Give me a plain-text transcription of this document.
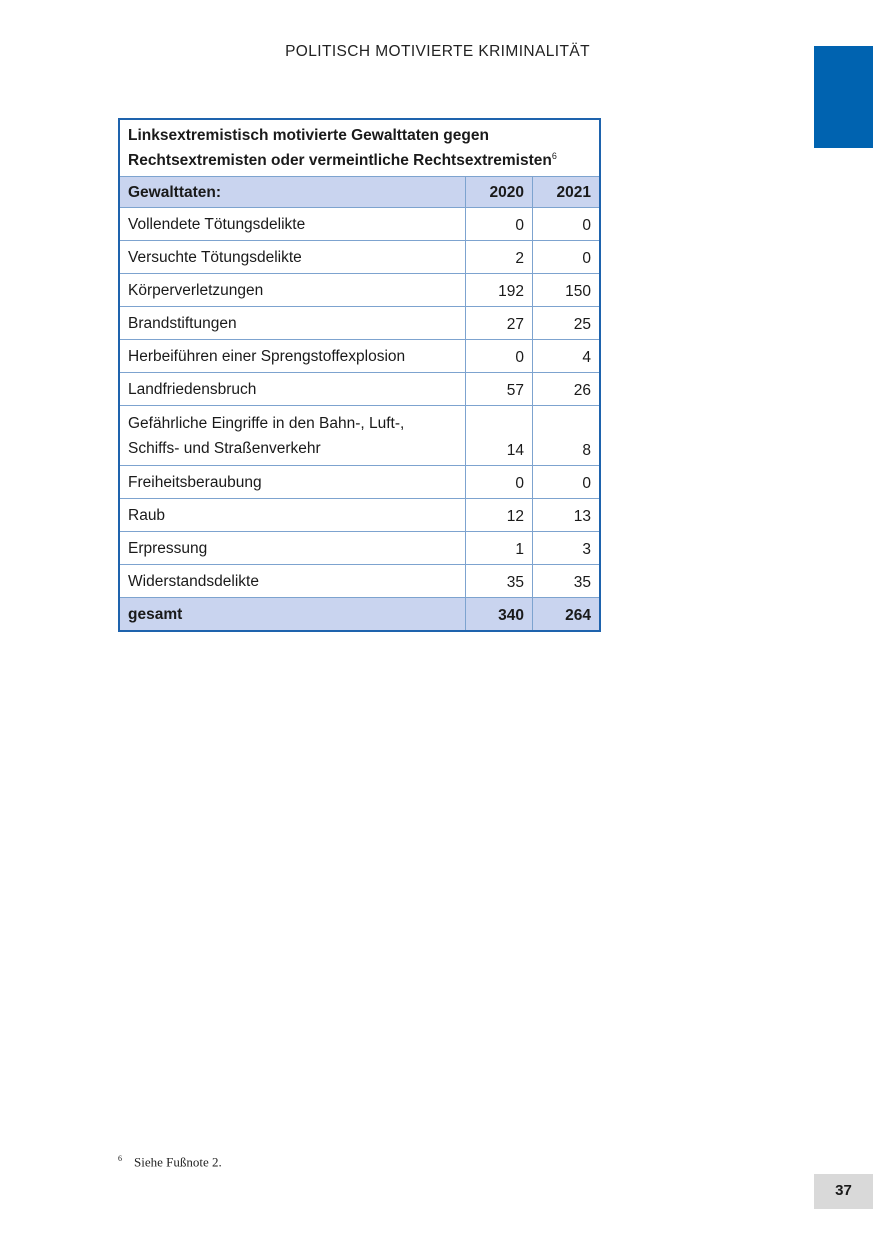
POLITISCH MOTIVIERTE KRIMINALITÄT
Linksextremistisch motivierte Gewalttaten gegen
Rechtsextremisten oder vermeintliche Rechtsextremisten$^6$

Gewalttaten:	2020	2021
Vollendete Tötungsdelikte	0	0
Versuchte Tötungsdelikte	2	0
Körperverletzungen	192	150
Brandstiftungen	27	25
Herbeiführen einer Sprengstoffexplosion	0	4
Landfriedensbruch	57	26

Gefährliche Eingriffe in den Bahn-, Luft-,
Schiffs- und Straßenverkehr	14	8
Freiheitsberaubung	0	0
Raub	12	13
Erpressung	1	3
Widerstandsdelikte	35	35
gesamt	340	264
$^6$ Siehe Fußnote 2.
37
